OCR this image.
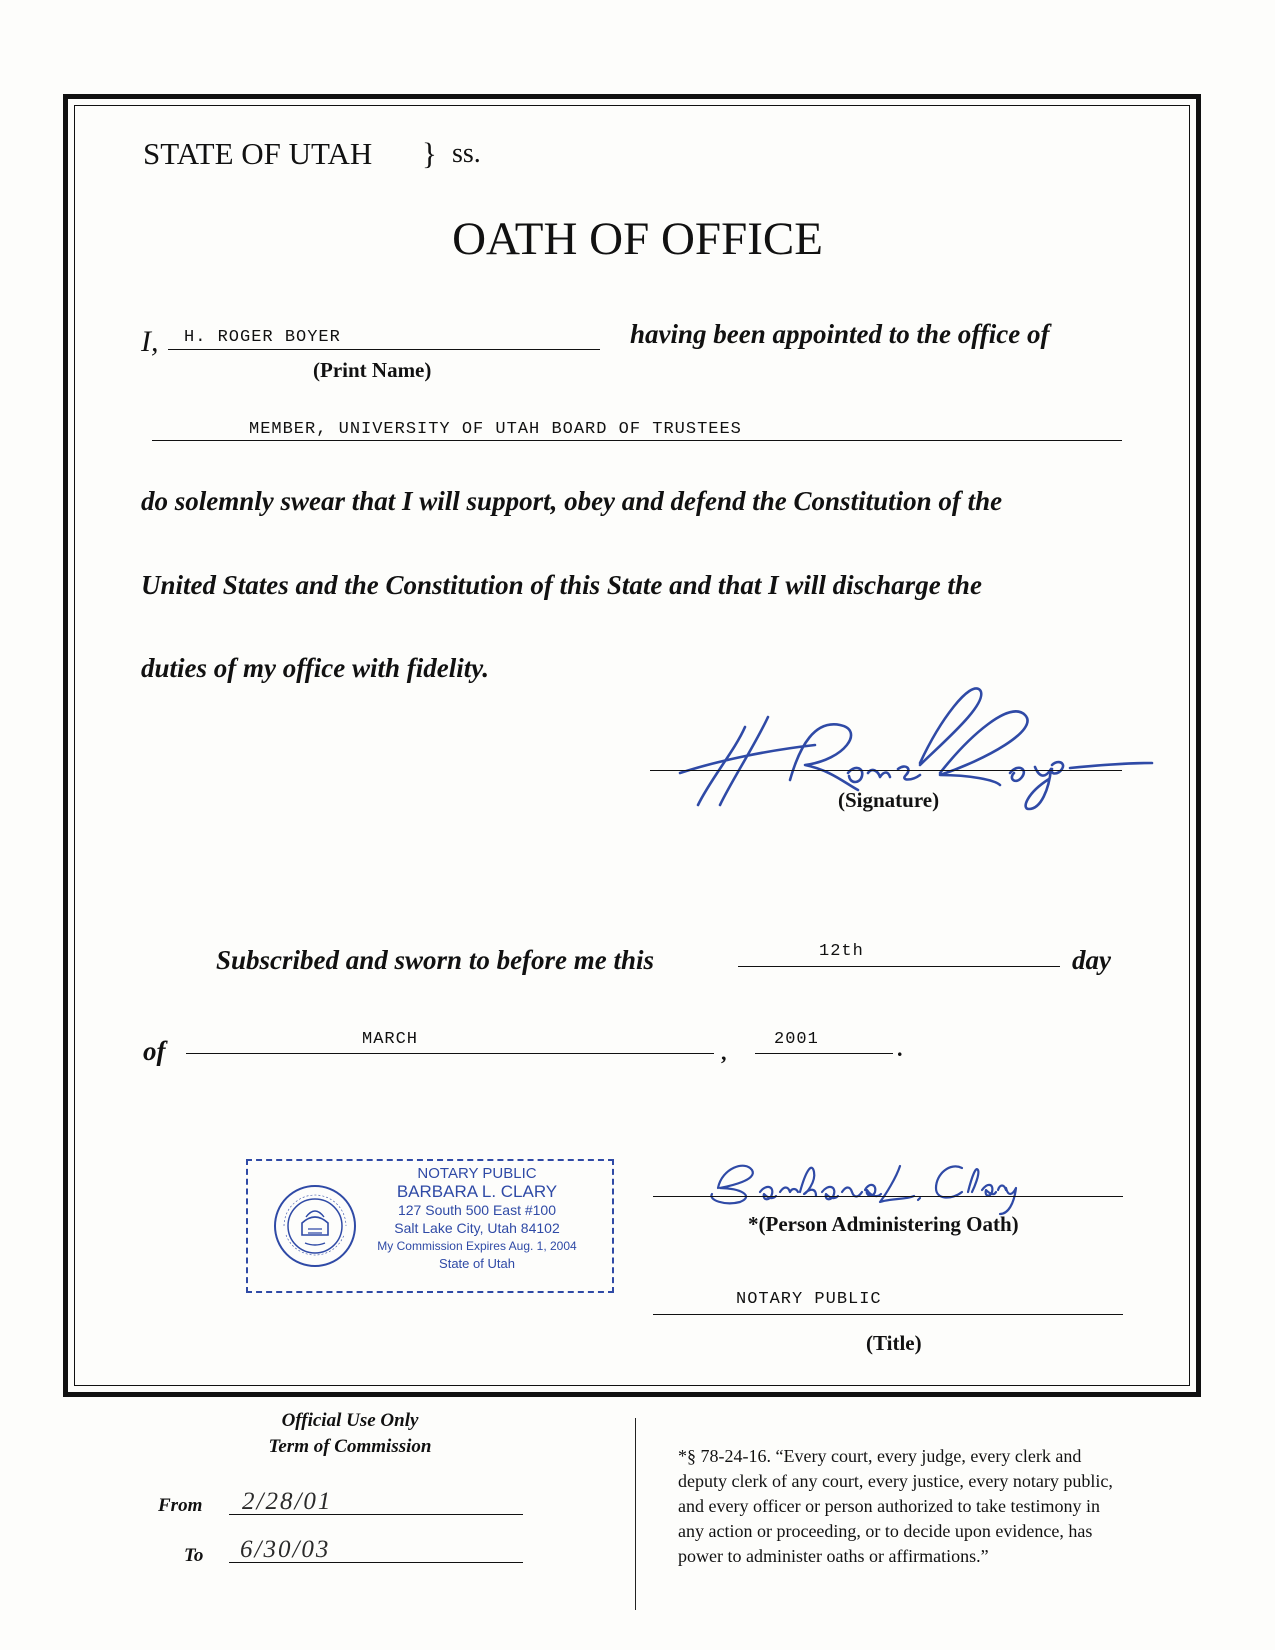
STATE OF UTAH } ss.
OATH OF OFFICE
I, H. ROGER BOYER
(Print Name)
having been appointed to the office of
MEMBER, UNIVERSITY OF UTAH BOARD OF TRUSTEES
do solemnly swear that I will support, obey and defend the Constitution of the
United States and the Constitution of this State and that I will discharge the
duties of my office with fidelity.	H Roger Boyer
(Signature)
Subscribed and sworn to before me this	12th	day
of	MARCH
,
2001	.
NOTARY PUBLIC
BARBARA L. CLARY
127 South 500 East #100
Salt Lake City, Utah 84102
My Commission Expires Aug. 1, 2004
State of Utah
Barbara L. Clary
*(Person Administering Oath)
NOTARY PUBLIC
(Title)
Official Use Only
Term of Commission
From 2/28/01
To 6/30/03
*§ 78-24-16. “Every court, every judge, every clerk and
deputy clerk of any court, every justice, every notary public,
and every officer or person authorized to take testimony in
any action or proceeding, or to decide upon evidence, has
power to administer oaths or affirmations.”
